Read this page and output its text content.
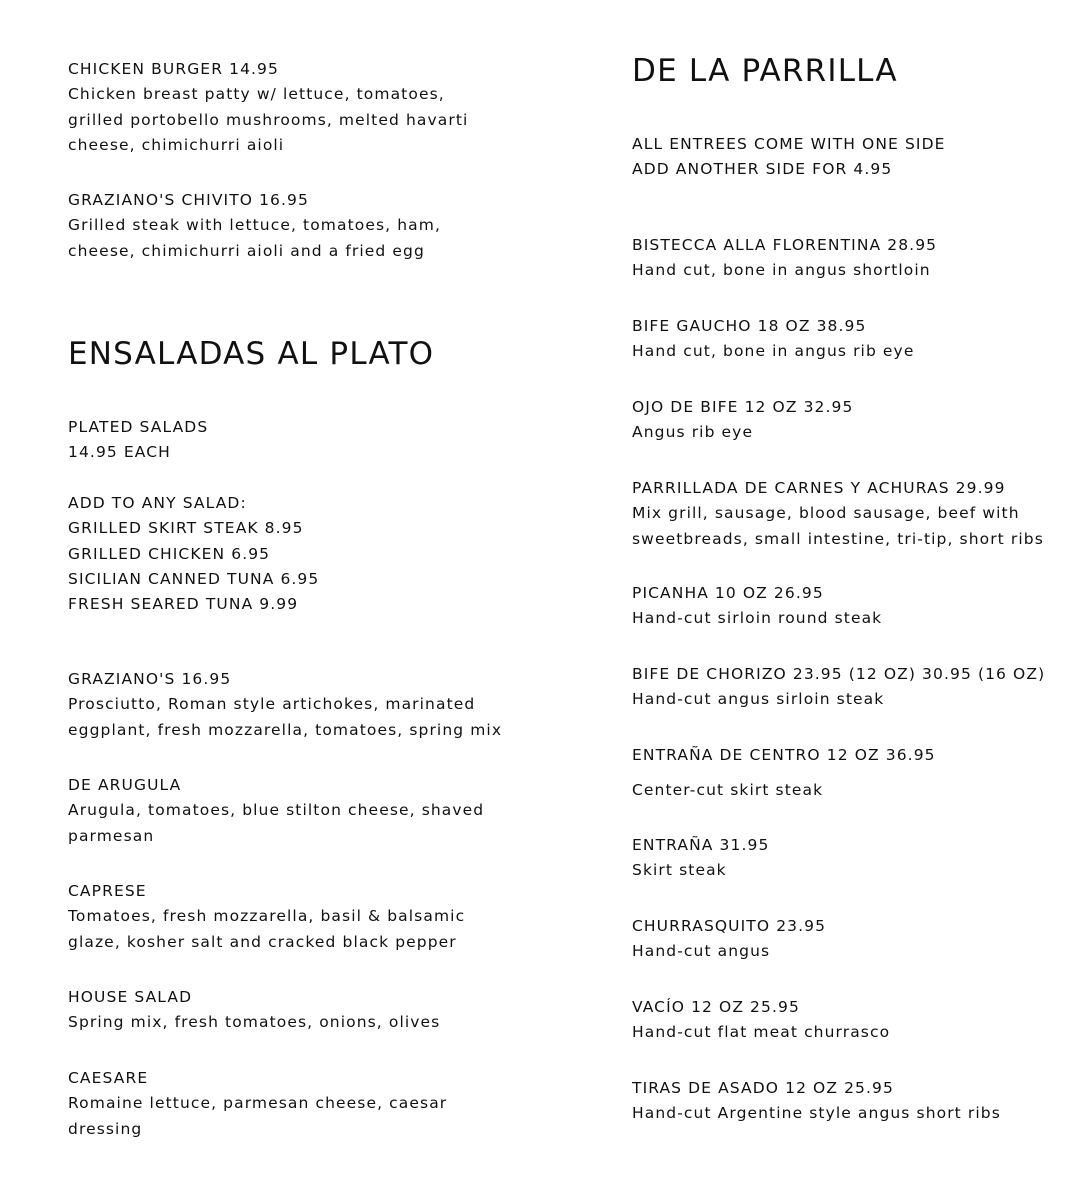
CHICKEN BURGER 14.95
Chicken breast patty w/ lettuce, tomatoes,
grilled portobello mushrooms, melted havarti
cheese, chimichurri aioli
GRAZIANO'S CHIVITO 16.95
Grilled steak with lettuce, tomatoes, ham,
cheese, chimichurri aioli and a fried egg
ENSALADAS AL PLATO
PLATED SALADS
14.95 EACH
ADD TO ANY SALAD:
GRILLED SKIRT STEAK 8.95
GRILLED CHICKEN 6.95
SICILIAN CANNED TUNA 6.95
FRESH SEARED TUNA 9.99
GRAZIANO'S 16.95
Prosciutto, Roman style artichokes, marinated
eggplant, fresh mozzarella, tomatoes, spring mix
DE ARUGULA
Arugula, tomatoes, blue stilton cheese, shaved
parmesan
CAPRESE
Tomatoes, fresh mozzarella, basil & balsamic
glaze, kosher salt and cracked black pepper
HOUSE SALAD
Spring mix, fresh tomatoes, onions, olives
CAESARE
Romaine lettuce, parmesan cheese, caesar
dressing
DE LA PARRILLA
ALL ENTREES COME WITH ONE SIDE
ADD ANOTHER SIDE FOR 4.95
BISTECCA ALLA FLORENTINA 28.95
Hand cut, bone in angus shortloin
BIFE GAUCHO 18 OZ 38.95
Hand cut, bone in angus rib eye
OJO DE BIFE 12 OZ 32.95
Angus rib eye
PARRILLADA DE CARNES Y ACHURAS 29.99
Mix grill, sausage, blood sausage, beef with
sweetbreads, small intestine, tri-tip, short ribs
PICANHA 10 OZ 26.95
Hand-cut sirloin round steak
BIFE DE CHORIZO 23.95 (12 OZ) 30.95 (16 OZ)
Hand-cut angus sirloin steak
ENTRAÑA DE CENTRO 12 OZ 36.95
Center-cut skirt steak
ENTRAÑA 31.95
Skirt steak
CHURRASQUITO 23.95
Hand-cut angus
VACÍO 12 OZ 25.95
Hand-cut flat meat churrasco
TIRAS DE ASADO 12 OZ 25.95
Hand-cut Argentine style angus short ribs
